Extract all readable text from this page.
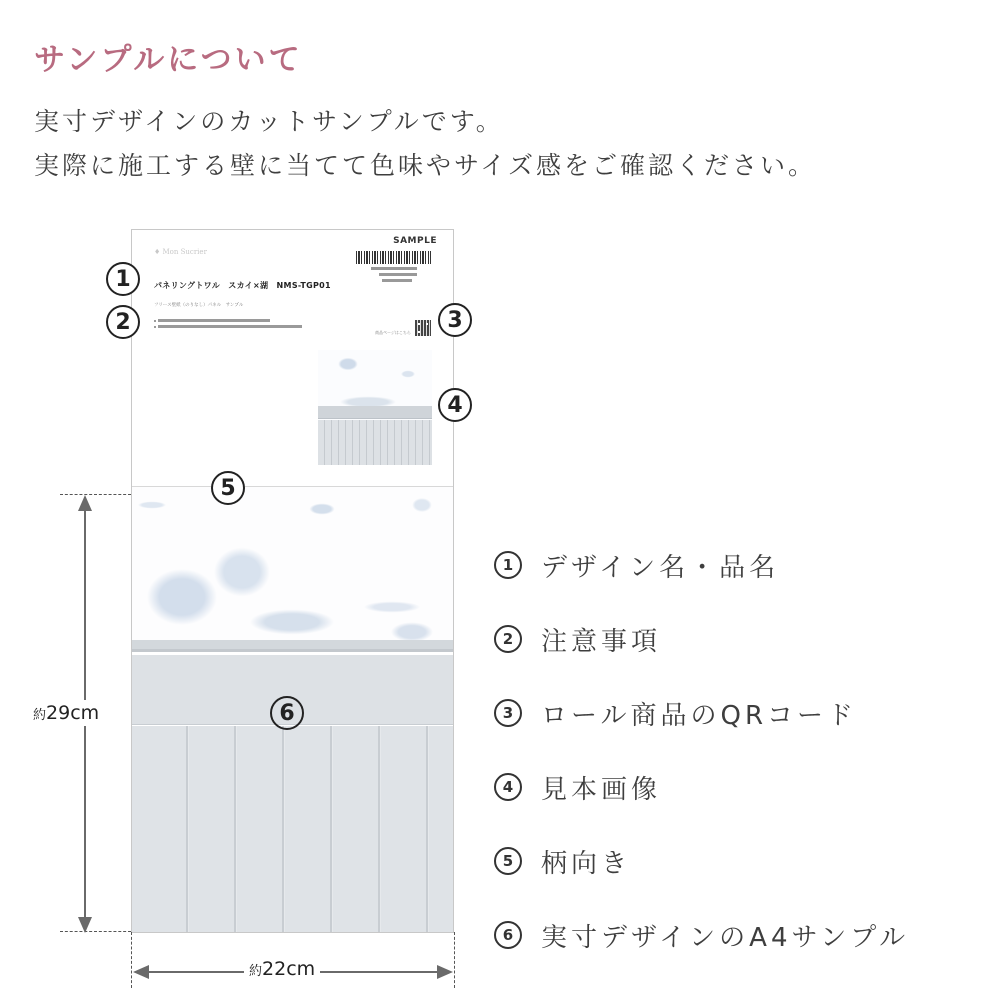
サンプルについて
実寸デザインのカットサンプルです。
実際に施工する壁に当てて色味やサイズ感をご確認ください。
♦ Mon Sucrier
SAMPLE
パネリングトワル　スカイ×湖　NMS-TGP01
フリース壁紙（のりなし）パネル　サンプル
商品ページはこちら
1
2	3
4
5
6
約29cm
約22cm
1	デザイン名・品名
2	注意事項
3	ロール商品のQRコード
4	見本画像
5	柄向き
6	実寸デザインのA4サンプル
